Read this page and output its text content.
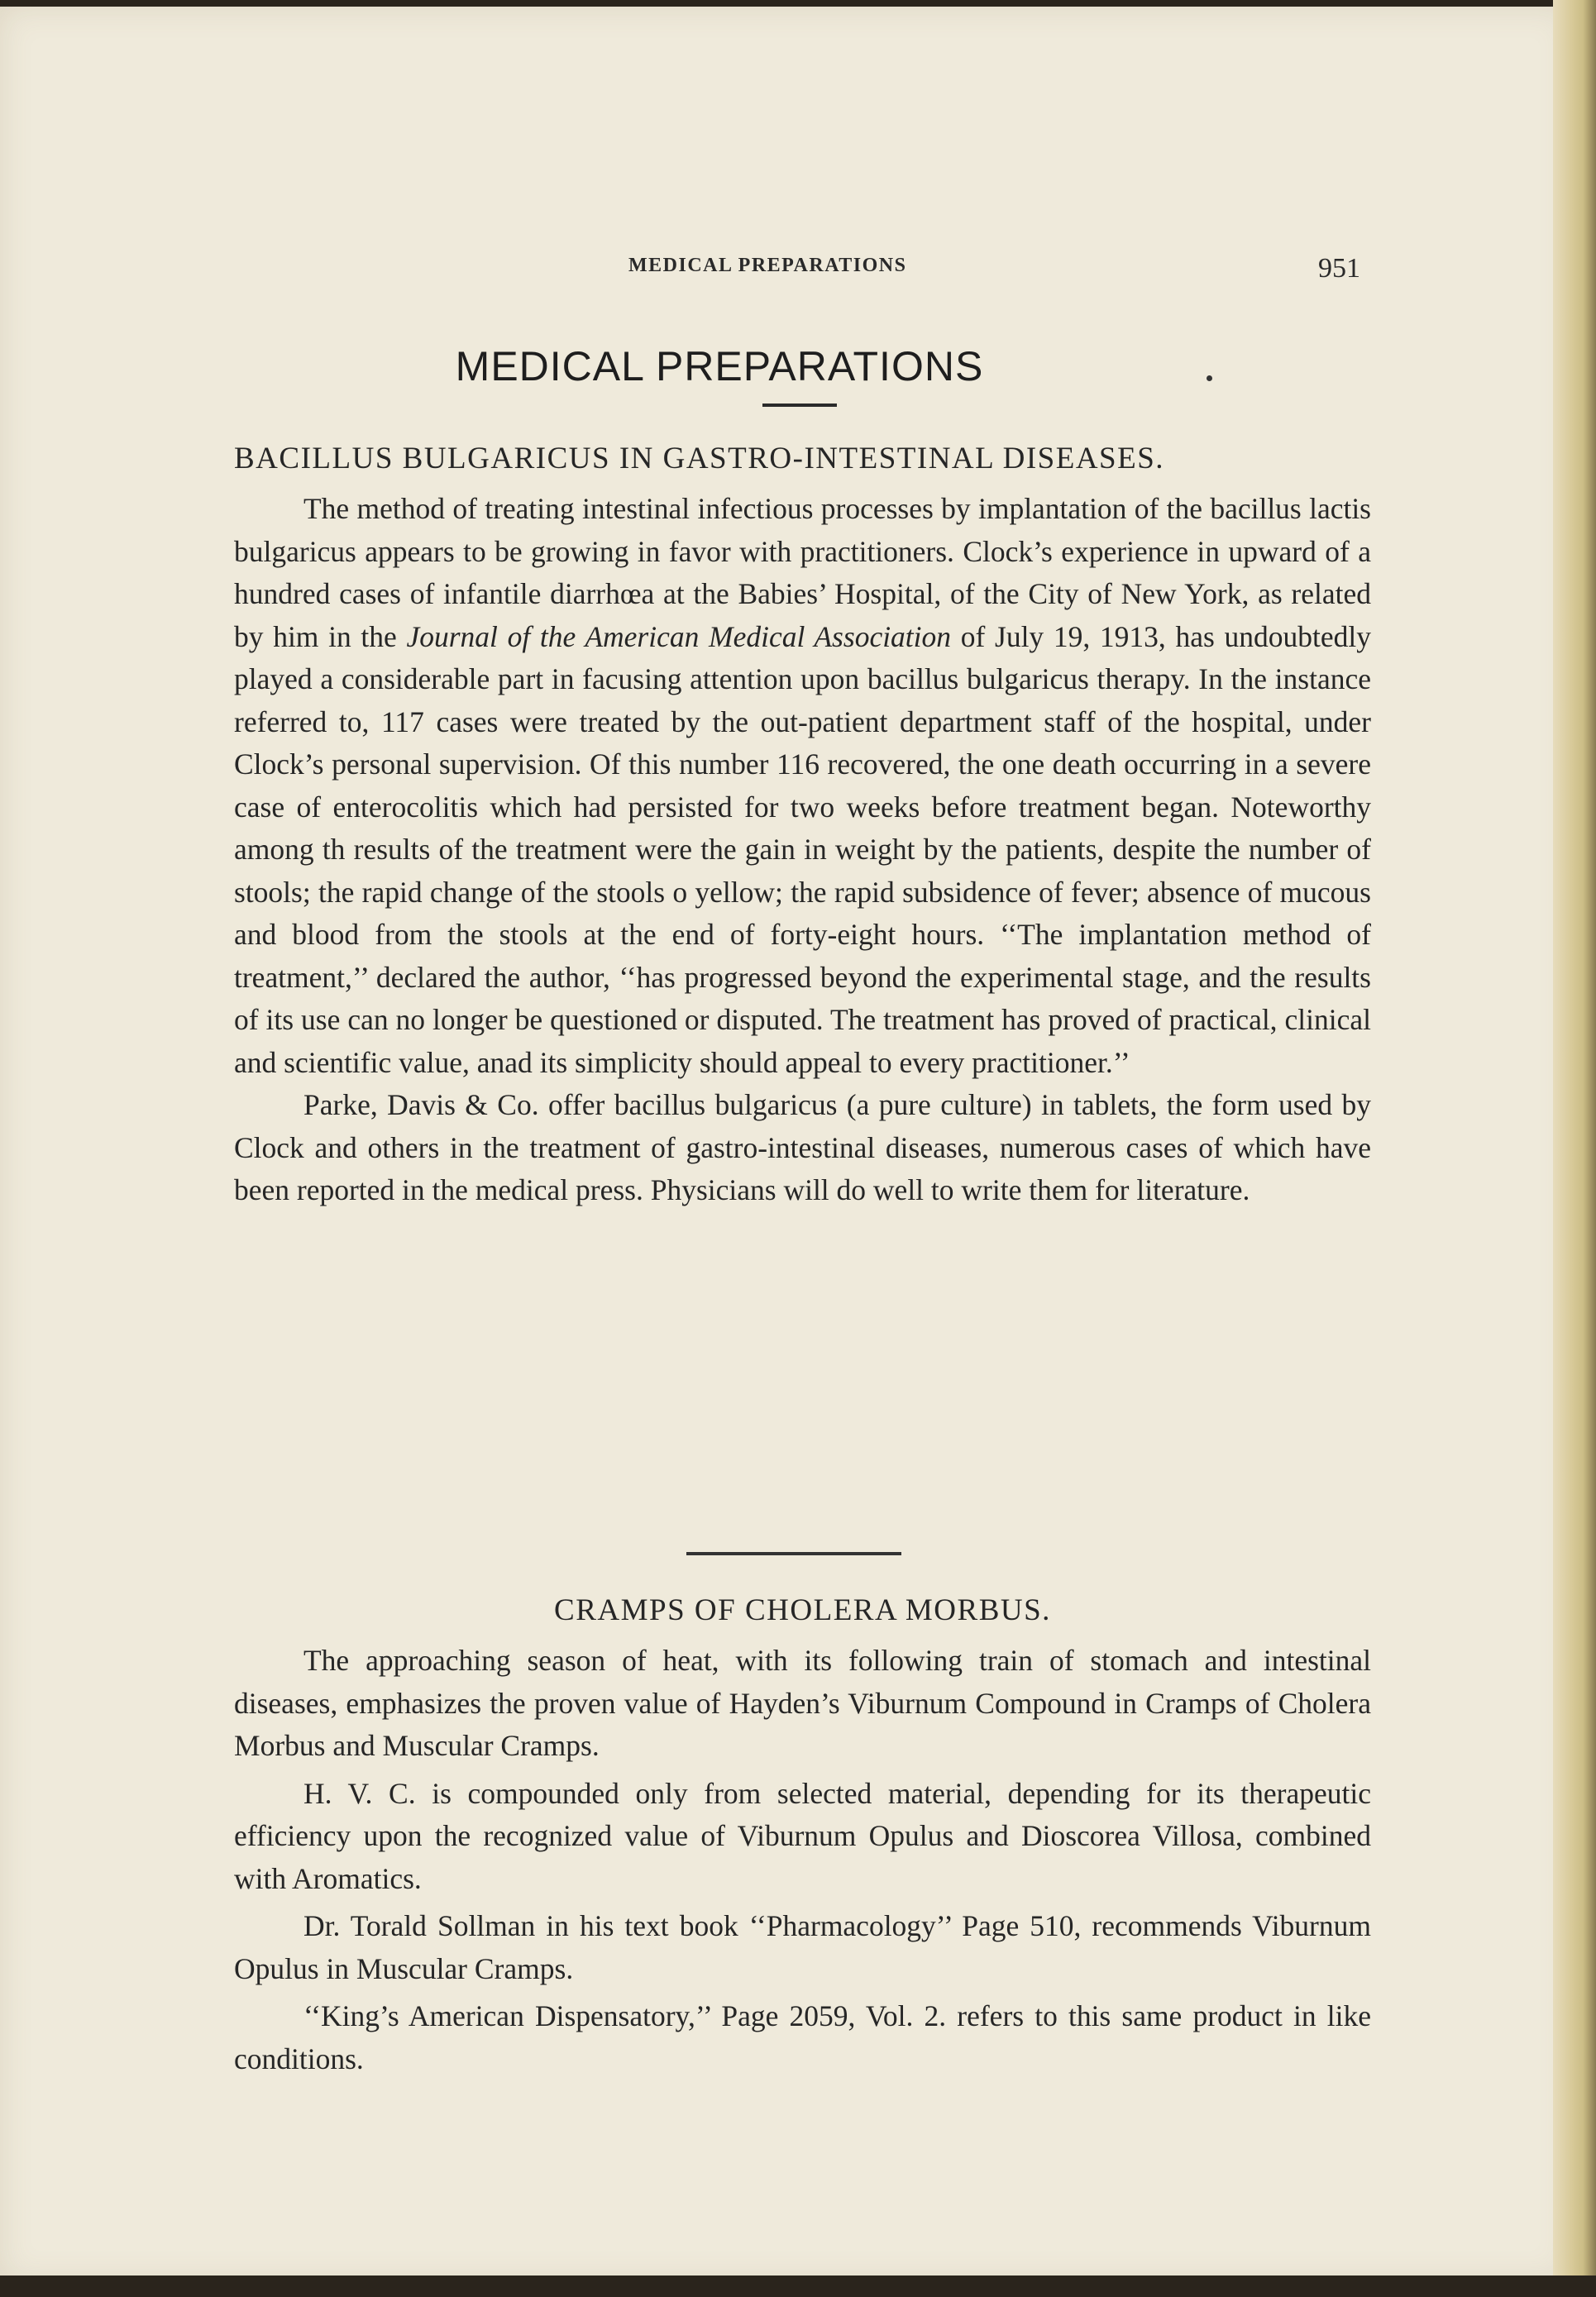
MEDICAL PREPARATIONS	951
MEDICAL PREPARATIONS
BACILLUS BULGARICUS IN GASTRO-INTESTINAL DISEASES.

The method of treating intestinal infectious processes by implantation of the bacillus lactis bulgaricus appears to be growing in favor with practitioners. Clock’s experience in upward of a hundred cases of infantile diarrhœa at the Babies’ Hospital, of the City of New York, as related by him in the Journal of the American Medical Association of July 19, 1913, has undoubtedly played a considerable part in facusing attention upon bacillus bulgaricus therapy. In the instance referred to, 117 cases were treated by the out-patient department staff of the hospital, under Clock’s personal supervision. Of this number 116 recovered, the one death occurring in a severe case of enterocolitis which had persisted for two weeks before treatment began. Noteworthy among th results of the treatment were the gain in weight by the patients, despite the number of stools; the rapid change of the stools o yellow; the rapid subsidence of fever; absence of mucous and blood from the stools at the end of forty-eight hours. ‘‘The implantation method of treatment,’’ declared the author, ‘‘has progressed beyond the experimental stage, and the results of its use can no longer be questioned or disputed. The treatment has proved of practical, clinical and scientific value, anad its simplicity should appeal to every practitioner.’’

Parke, Davis & Co. offer bacillus bulgaricus (a pure culture) in tablets, the form used by Clock and others in the treatment of gastro-intestinal diseases, numerous cases of which have been reported in the medical press. Physicians will do well to write them for literature.

CRAMPS OF CHOLERA MORBUS.

The approaching season of heat, with its following train of stomach and intestinal diseases, emphasizes the proven value of Hayden’s Viburnum Compound in Cramps of Cholera Morbus and Muscular Cramps.

H. V. C. is compounded only from selected material, depending for its therapeutic efficiency upon the recognized value of Viburnum Opulus and Dioscorea Villosa, combined with Aromatics.

Dr. Torald Sollman in his text book ‘‘Pharmacology’’ Page 510, recommends Viburnum Opulus in Muscular Cramps.

‘‘King’s American Dispensatory,’’ Page 2059, Vol. 2. refers to this same product in like conditions.
